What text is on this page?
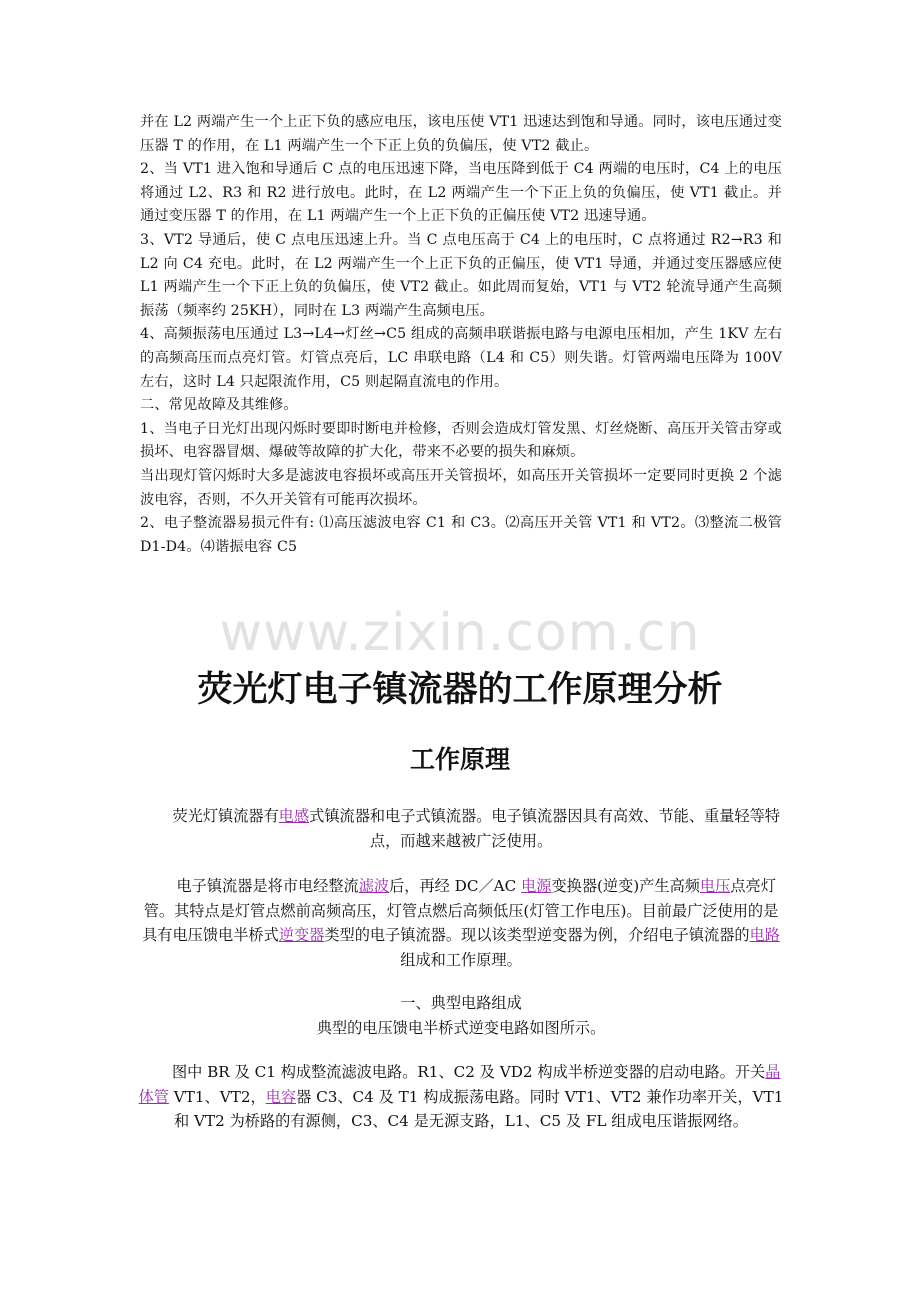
并在 L2 两端产生一个上正下负的感应电压，该电压使 VT1 迅速达到饱和导通。同时，该电压通过变压器 T 的作用，在 L1 两端产生一个下正上负的负偏压，使 VT2 截止。

2、当 VT1 进入饱和导通后 C 点的电压迅速下降，当电压降到低于 C4 两端的电压时，C4 上的电压将通过 L2、R3 和 R2 进行放电。此时，在 L2 两端产生一个下正上负的负偏压，使 VT1 截止。并通过变压器 T 的作用，在 L1 两端产生一个上正下负的正偏压使 VT2 迅速导通。

3、VT2 导通后，使 C 点电压迅速上升。当 C 点电压高于 C4 上的电压时，C 点将通过 R2→R3 和 L2 向 C4 充电。此时，在 L2 两端产生一个上正下负的正偏压，使 VT1 导通，并通过变压器感应使 L1 两端产生一个下正上负的负偏压，使 VT2 截止。如此周而复始，VT1 与 VT2 轮流导通产生高频振荡（频率约 25KH），同时在 L3 两端产生高频电压。

4、高频振荡电压通过 L3→L4→灯丝→C5 组成的高频串联谐振电路与电源电压相加，产生 1KV 左右的高频高压而点亮灯管。灯管点亮后，LC 串联电路（L4 和 C5）则失谐。灯管两端电压降为 100V 左右，这时 L4 只起限流作用，C5 则起隔直流电的作用。

二、常见故障及其维修。

1、当电子日光灯出现闪烁时要即时断电并检修，否则会造成灯管发黑、灯丝烧断、高压开关管击穿或损坏、电容器冒烟、爆破等故障的扩大化，带来不必要的损失和麻烦。

当出现灯管闪烁时大多是滤波电容损坏或高压开关管损坏，如高压开关管损坏一定要同时更换 2 个滤波电容，否则，不久开关管有可能再次损坏。

2、电子整流器易损元件有: ⑴高压滤波电容 C1 和 C3。⑵高压开关管 VT1 和 VT2。⑶整流二极管 D1-D4。⑷谐振电容 C5

www.zixin.com.cn
荧光灯电子镇流器的工作原理分析
工作原理

荧光灯镇流器有电感式镇流器和电子式镇流器。电子镇流器因具有高效、节能、重量轻等特点，而越来越被广泛使用。

电子镇流器是将市电经整流滤波后，再经 DC／AC 电源变换器(逆变)产生高频电压点亮灯管。其特点是灯管点燃前高频高压，灯管点燃后高频低压(灯管工作电压)。目前最广泛使用的是具有电压馈电半桥式逆变器类型的电子镇流器。现以该类型逆变器为例，介绍电子镇流器的电路组成和工作原理。

一、典型电路组成

典型的电压馈电半桥式逆变电路如图所示。

图中 BR 及 C1 构成整流滤波电路。R1、C2 及 VD2 构成半桥逆变器的启动电路。开关晶体管 VT1、VT2，电容器 C3、C4 及 T1 构成振荡电路。同时 VT1、VT2 兼作功率开关，VT1 和 VT2 为桥路的有源侧，C3、C4 是无源支路，L1、C5 及 FL 组成电压谐振网络。
